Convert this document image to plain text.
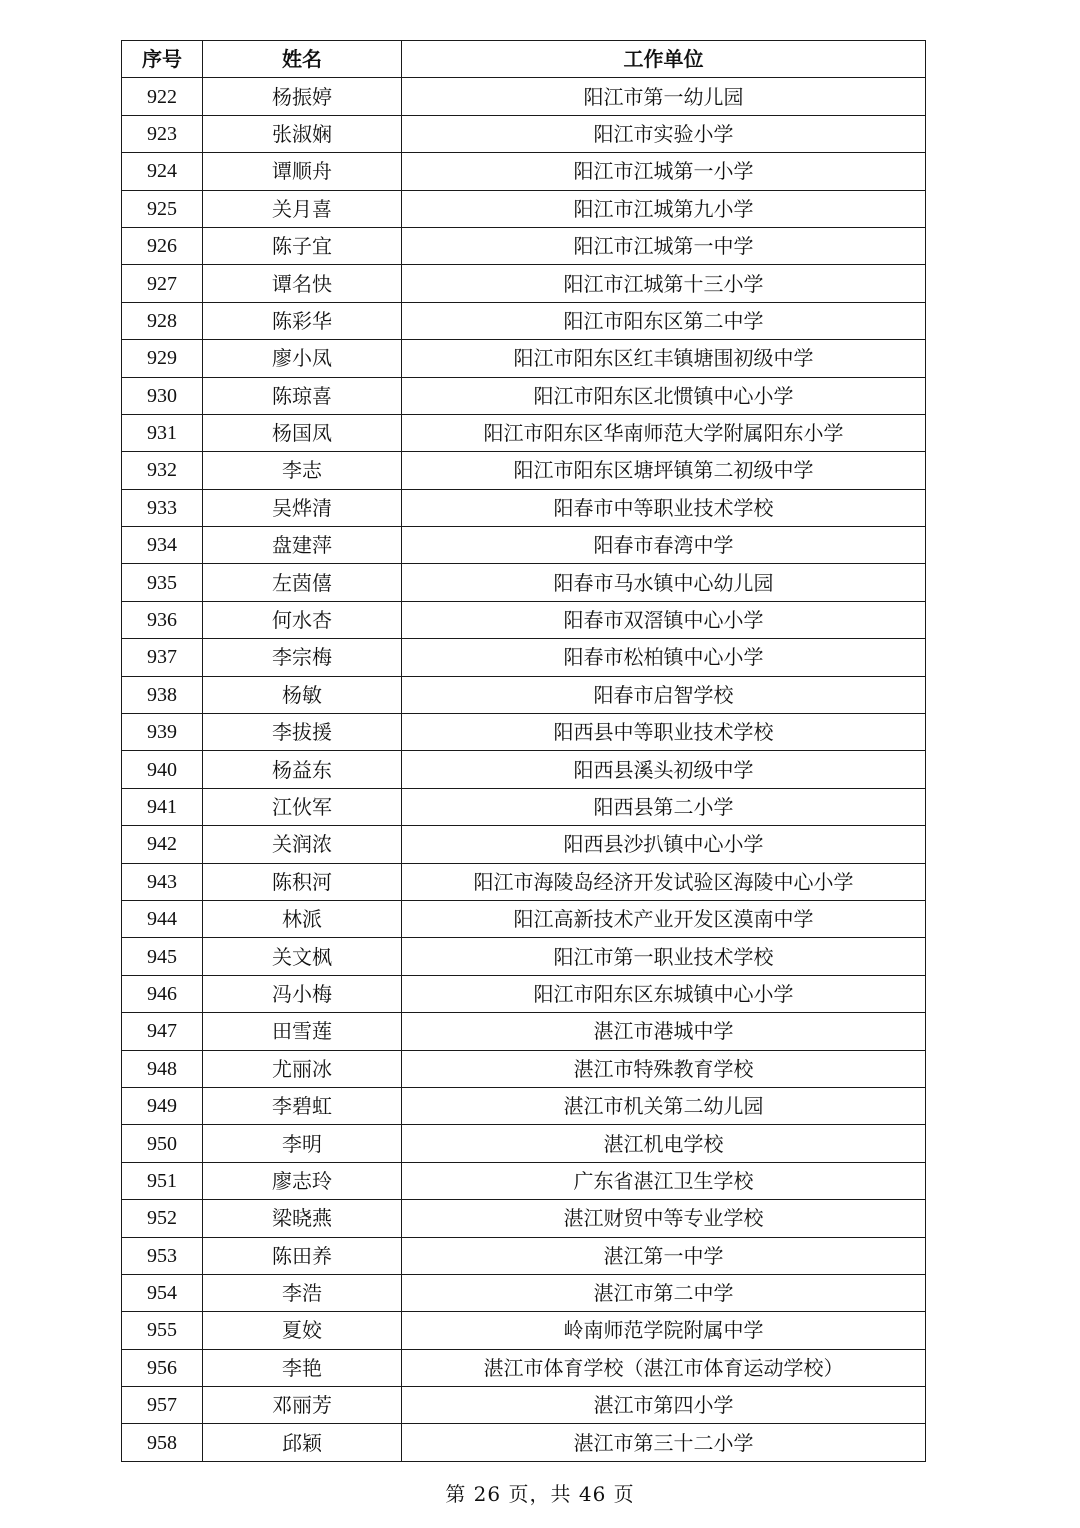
序号	姓名	工作单位
922	杨振婷	阳江市第一幼儿园
923	张淑娴	阳江市实验小学
924	谭顺舟	阳江市江城第一小学
925	关月喜	阳江市江城第九小学
926	陈子宜	阳江市江城第一中学
927	谭名快	阳江市江城第十三小学
928	陈彩华	阳江市阳东区第二中学
929	廖小凤	阳江市阳东区红丰镇塘围初级中学
930	陈琼喜	阳江市阳东区北惯镇中心小学
931	杨国凤	阳江市阳东区华南师范大学附属阳东小学
932	李志	阳江市阳东区塘坪镇第二初级中学
933	吴烨清	阳春市中等职业技术学校
934	盘建萍	阳春市春湾中学
935	左茵僖	阳春市马水镇中心幼儿园
936	何水杏	阳春市双滘镇中心小学
937	李宗梅	阳春市松柏镇中心小学
938	杨敏	阳春市启智学校
939	李拔援	阳西县中等职业技术学校
940	杨益东	阳西县溪头初级中学
941	江伙军	阳西县第二小学
942	关润浓	阳西县沙扒镇中心小学
943	陈积河	阳江市海陵岛经济开发试验区海陵中心小学
944	林派	阳江高新技术产业开发区漠南中学
945	关文枫	阳江市第一职业技术学校
946	冯小梅	阳江市阳东区东城镇中心小学
947	田雪莲	湛江市港城中学
948	尤丽冰	湛江市特殊教育学校
949	李碧虹	湛江市机关第二幼儿园
950	李明	湛江机电学校
951	廖志玲	广东省湛江卫生学校
952	梁晓燕	湛江财贸中等专业学校
953	陈田养	湛江第一中学
954	李浩	湛江市第二中学
955	夏姣	岭南师范学院附属中学
956	李艳	湛江市体育学校（湛江市体育运动学校）
957	邓丽芳	湛江市第四小学
958	邱颖	湛江市第三十二小学
第 26 页，共 46 页
